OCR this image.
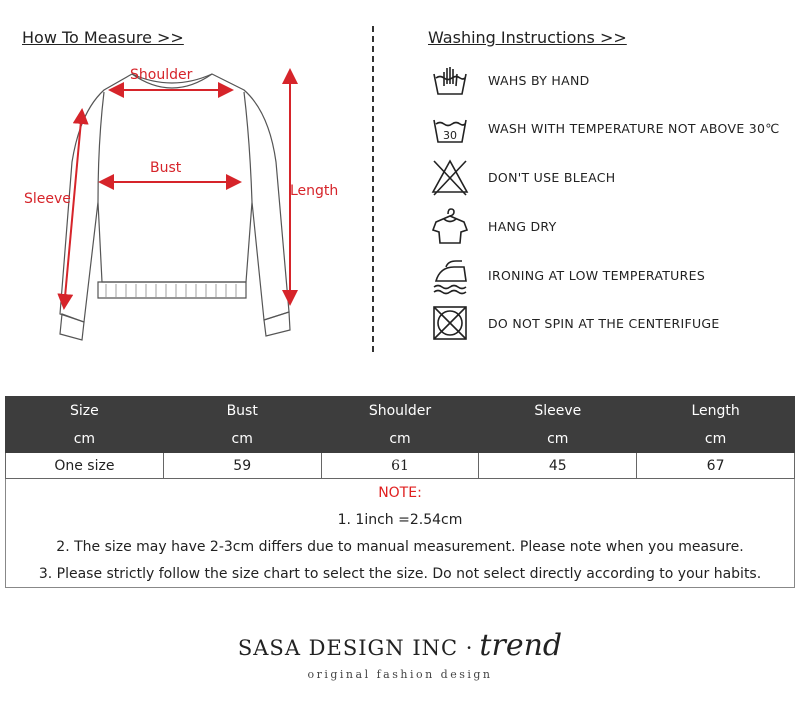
How To Measure >>
Shoulder
Bust
Length
Sleeve
Washing Instructions >>
WAHS BY HAND
30 WASH WITH TEMPERATURE NOT ABOVE 30℃
DON'T USE BLEACH
HANG DRY
IRONING AT LOW TEMPERATURES
DO NOT SPIN AT THE CENTERIFUGE
Size	Bust	Shoulder	Sleeve	Length
cm	cm	cm	cm	cm
One size	59	61	45	67
NOTE:
1. 1inch =2.54cm
2. The size may have 2-3cm differs due to manual measurement. Please note when you measure.
3. Please strictly follow the size chart to select the size. Do not select directly according to your habits.
SASA DESIGN INC · trend
original fashion design
